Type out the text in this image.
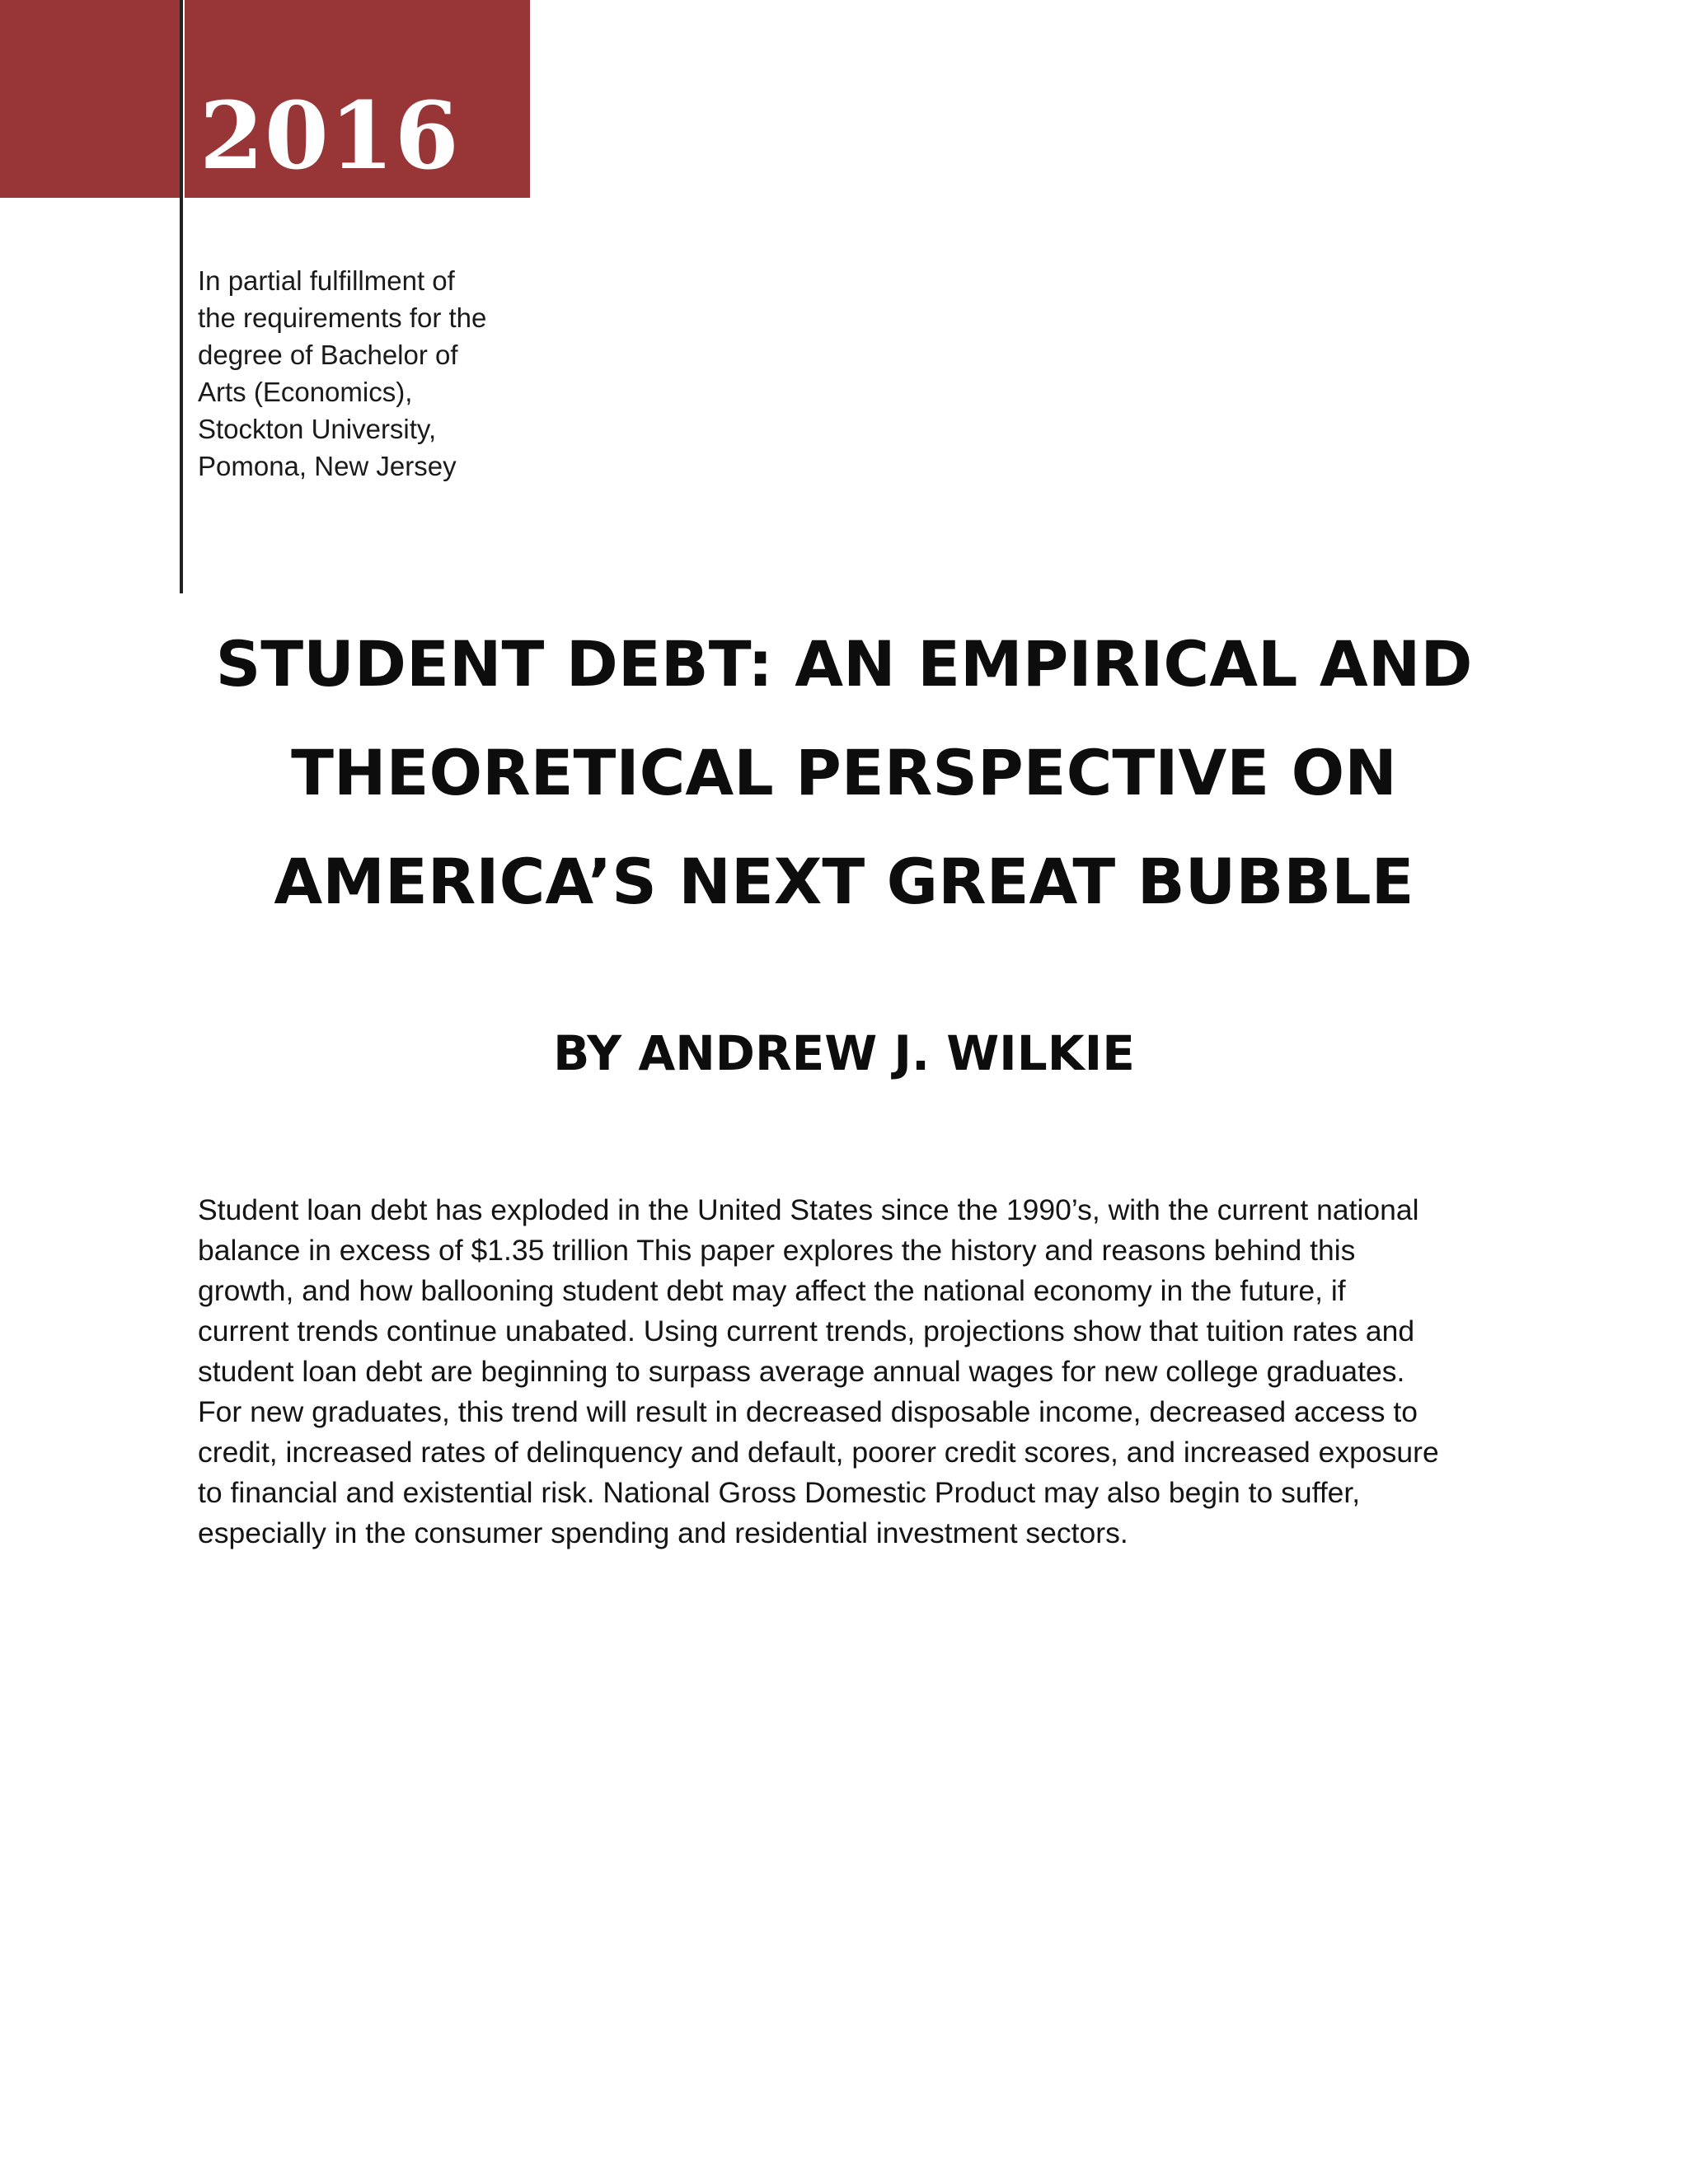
2016

In partial fulfillment of
the requirements for the
degree of Bachelor of
Arts (Economics),
Stockton University,
Pomona, New Jersey

STUDENT DEBT: AN EMPIRICAL AND
THEORETICAL PERSPECTIVE ON
AMERICA’S NEXT GREAT BUBBLE
BY ANDREW J. WILKIE

Student loan debt has exploded in the United States since the 1990’s, with the current national
balance in excess of $1.35 trillion This paper explores the history and reasons behind this
growth, and how ballooning student debt may affect the national economy in the future, if
current trends continue unabated. Using current trends, projections show that tuition rates and
student loan debt are beginning to surpass average annual wages for new college graduates.
For new graduates, this trend will result in decreased disposable income, decreased access to
credit, increased rates of delinquency and default, poorer credit scores, and increased exposure
to financial and existential risk. National Gross Domestic Product may also begin to suffer,
especially in the consumer spending and residential investment sectors.
